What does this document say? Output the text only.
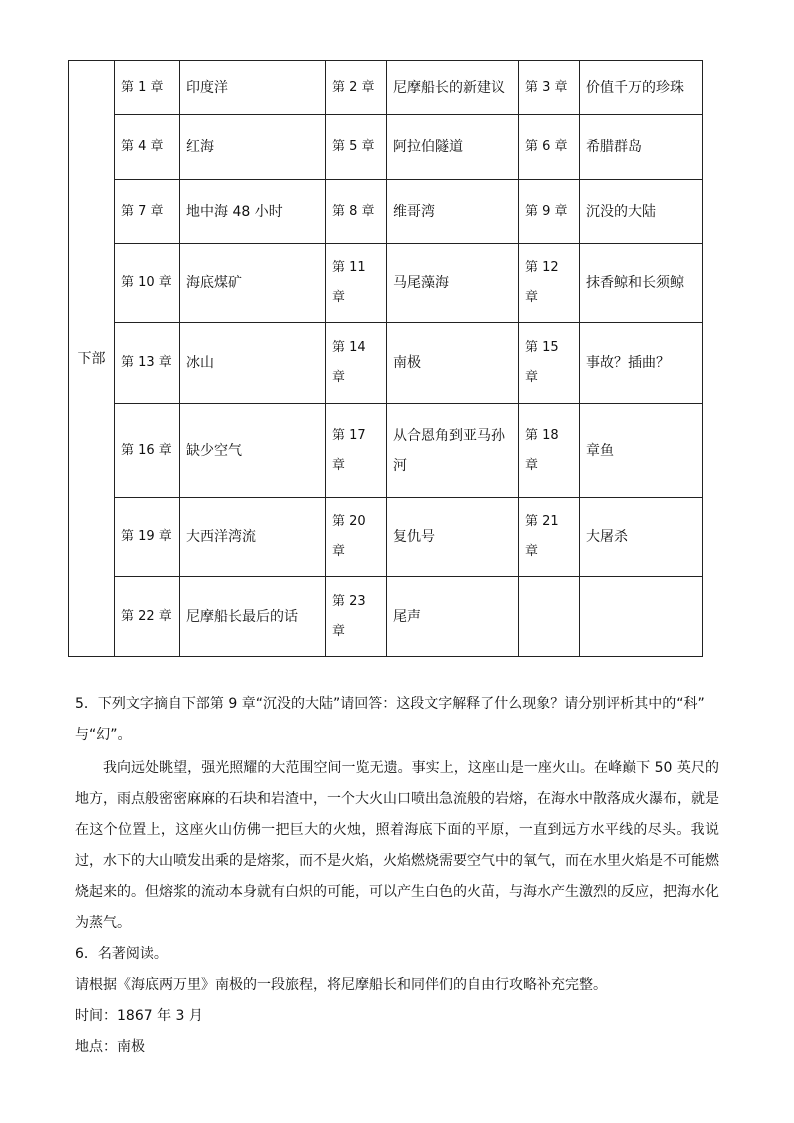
下部	第 1 章	印度洋	第 2 章	尼摩船长的新建议	第 3 章	价值千万的珍珠
	第 4 章	红海	第 5 章	阿拉伯隧道	第 6 章	希腊群岛
	第 7 章	地中海 48 小时	第 8 章	维哥湾	第 9 章	沉没的大陆
	第 10 章	海底煤矿	第 11 章	马尾藻海	第 12 章	抹香鲸和长须鲸
	第 13 章	冰山	第 14 章	南极	第 15 章	事故？插曲？
	第 16 章	缺少空气	第 17 章	从合恩角到亚马孙河	第 18 章	章鱼
	第 19 章	大西洋湾流	第 20 章	复仇号	第 21 章	大屠杀
	第 22 章	尼摩船长最后的话	第 23 章	尾声		

5．下列文字摘自下部第 9 章“沉没的大陆”请回答：这段文字解释了什么现象？请分别评析其中的“科”

与“幻”。

我向远处眺望，强光照耀的大范围空间一览无遗。事实上，这座山是一座火山。在峰巅下 50 英尺的地方，雨点般密密麻麻的石块和岩渣中，一个大火山口喷出急流般的岩熔，在海水中散落成火瀑布，就是在这个位置上，这座火山仿佛一把巨大的火烛，照着海底下面的平原，一直到远方水平线的尽头。我说过，水下的大山喷发出乘的是熔浆，而不是火焰，火焰燃烧需要空气中的氧气，而在水里火焰是不可能燃烧起来的。但熔浆的流动本身就有白炽的可能，可以产生白色的火苗，与海水产生激烈的反应，把海水化为蒸气。

6．名著阅读。

请根据《海底两万里》南极的一段旅程，将尼摩船长和同伴们的自由行攻略补充完整。

时间：1867 年 3 月

地点：南极
